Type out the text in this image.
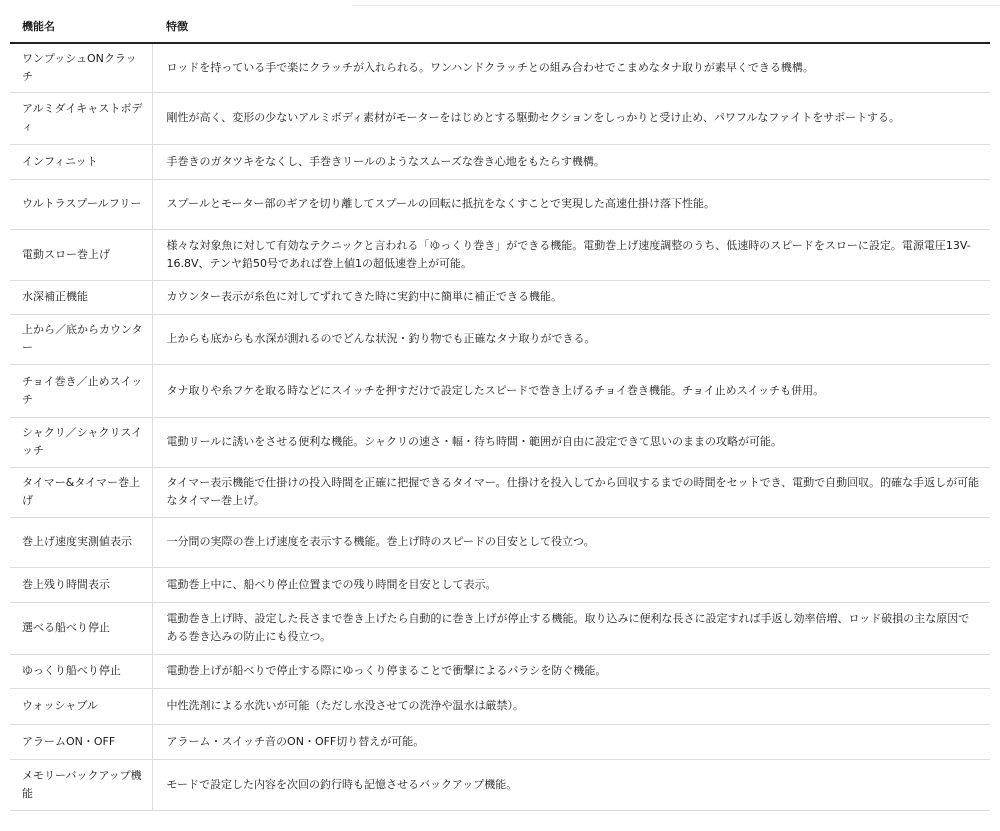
機能名	特徴
ワンプッシュONクラッチ	ロッドを持っている手で楽にクラッチが入れられる。ワンハンドクラッチとの組み合わせでこまめなタナ取りが素早くできる機構。
アルミダイキャストボディ	剛性が高く、変形の少ないアルミボディ素材がモーターをはじめとする駆動セクションをしっかりと受け止め、パワフルなファイトをサポートする。
インフィニット	手巻きのガタツキをなくし、手巻きリールのようなスムーズな巻き心地をもたらす機構。
ウルトラスプールフリー	スプールとモーター部のギアを切り離してスプールの回転に抵抗をなくすことで実現した高速仕掛け落下性能。
電動スロー巻上げ	様々な対象魚に対して有効なテクニックと言われる「ゆっくり巻き」ができる機能。電動巻上げ速度調整のうち、低速時のスピードをスローに設定。電源電圧13V-16.8V、テンヤ鉛50号であれば巻上値1の超低速巻上が可能。
水深補正機能	カウンター表示が糸色に対してずれてきた時に実釣中に簡単に補正できる機能。
上から／底からカウンター	上からも底からも水深が測れるのでどんな状況・釣り物でも正確なタナ取りができる。
チョイ巻き／止めスイッチ	タナ取りや糸フケを取る時などにスイッチを押すだけで設定したスピードで巻き上げるチョイ巻き機能。チョイ止めスイッチも併用。
シャクリ／シャクリスイッチ	電動リールに誘いをさせる便利な機能。シャクリの速さ・幅・待ち時間・範囲が自由に設定できて思いのままの攻略が可能。
タイマー&タイマー巻上げ	タイマー表示機能で仕掛けの投入時間を正確に把握できるタイマー。仕掛けを投入してから回収するまでの時間をセットでき、電動で自動回収。的確な手返しが可能なタイマー巻上げ。
巻上げ速度実測値表示	一分間の実際の巻上げ速度を表示する機能。巻上げ時のスピードの目安として役立つ。
巻上残り時間表示	電動巻上中に、船べり停止位置までの残り時間を目安として表示。
選べる船べり停止	電動巻き上げ時、設定した長さまで巻き上げたら自動的に巻き上げが停止する機能。取り込みに便利な長さに設定すれば手返し効率倍増、ロッド破損の主な原因である巻き込みの防止にも役立つ。
ゆっくり船べり停止	電動巻上げが船べりで停止する際にゆっくり停まることで衝撃によるバラシを防ぐ機能。
ウォッシャブル	中性洗剤による水洗いが可能（ただし水没させての洗浄や温水は厳禁）。
アラームON・OFF	アラーム・スイッチ音のON・OFF切り替えが可能。
メモリーバックアップ機能	モードで設定した内容を次回の釣行時も記憶させるバックアップ機能。
